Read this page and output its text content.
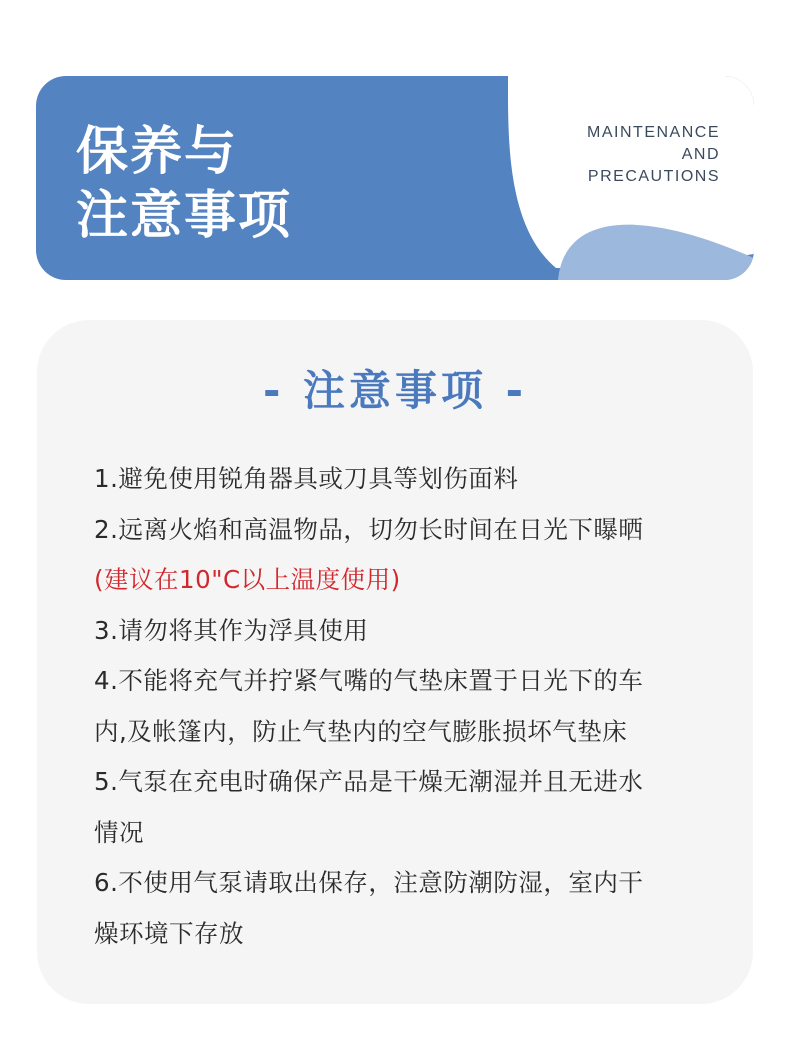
保养与
注意事项
MAINTENANCE
AND
PRECAUTIONS
- 注意事项 -
1.避免使用锐角器具或刀具等划伤面料
2.远离火焰和高温物品，切勿长时间在日光下曝晒
(建议在10"C以上温度使用)
3.请勿将其作为浮具使用
4.不能将充气并拧紧气嘴的气垫床置于日光下的车
内,及帐篷内，防止气垫内的空气膨胀损坏气垫床
5.气泵在充电时确保产品是干燥无潮湿并且无进水
情况
6.不使用气泵请取出保存，注意防潮防湿，室内干
燥环境下存放
